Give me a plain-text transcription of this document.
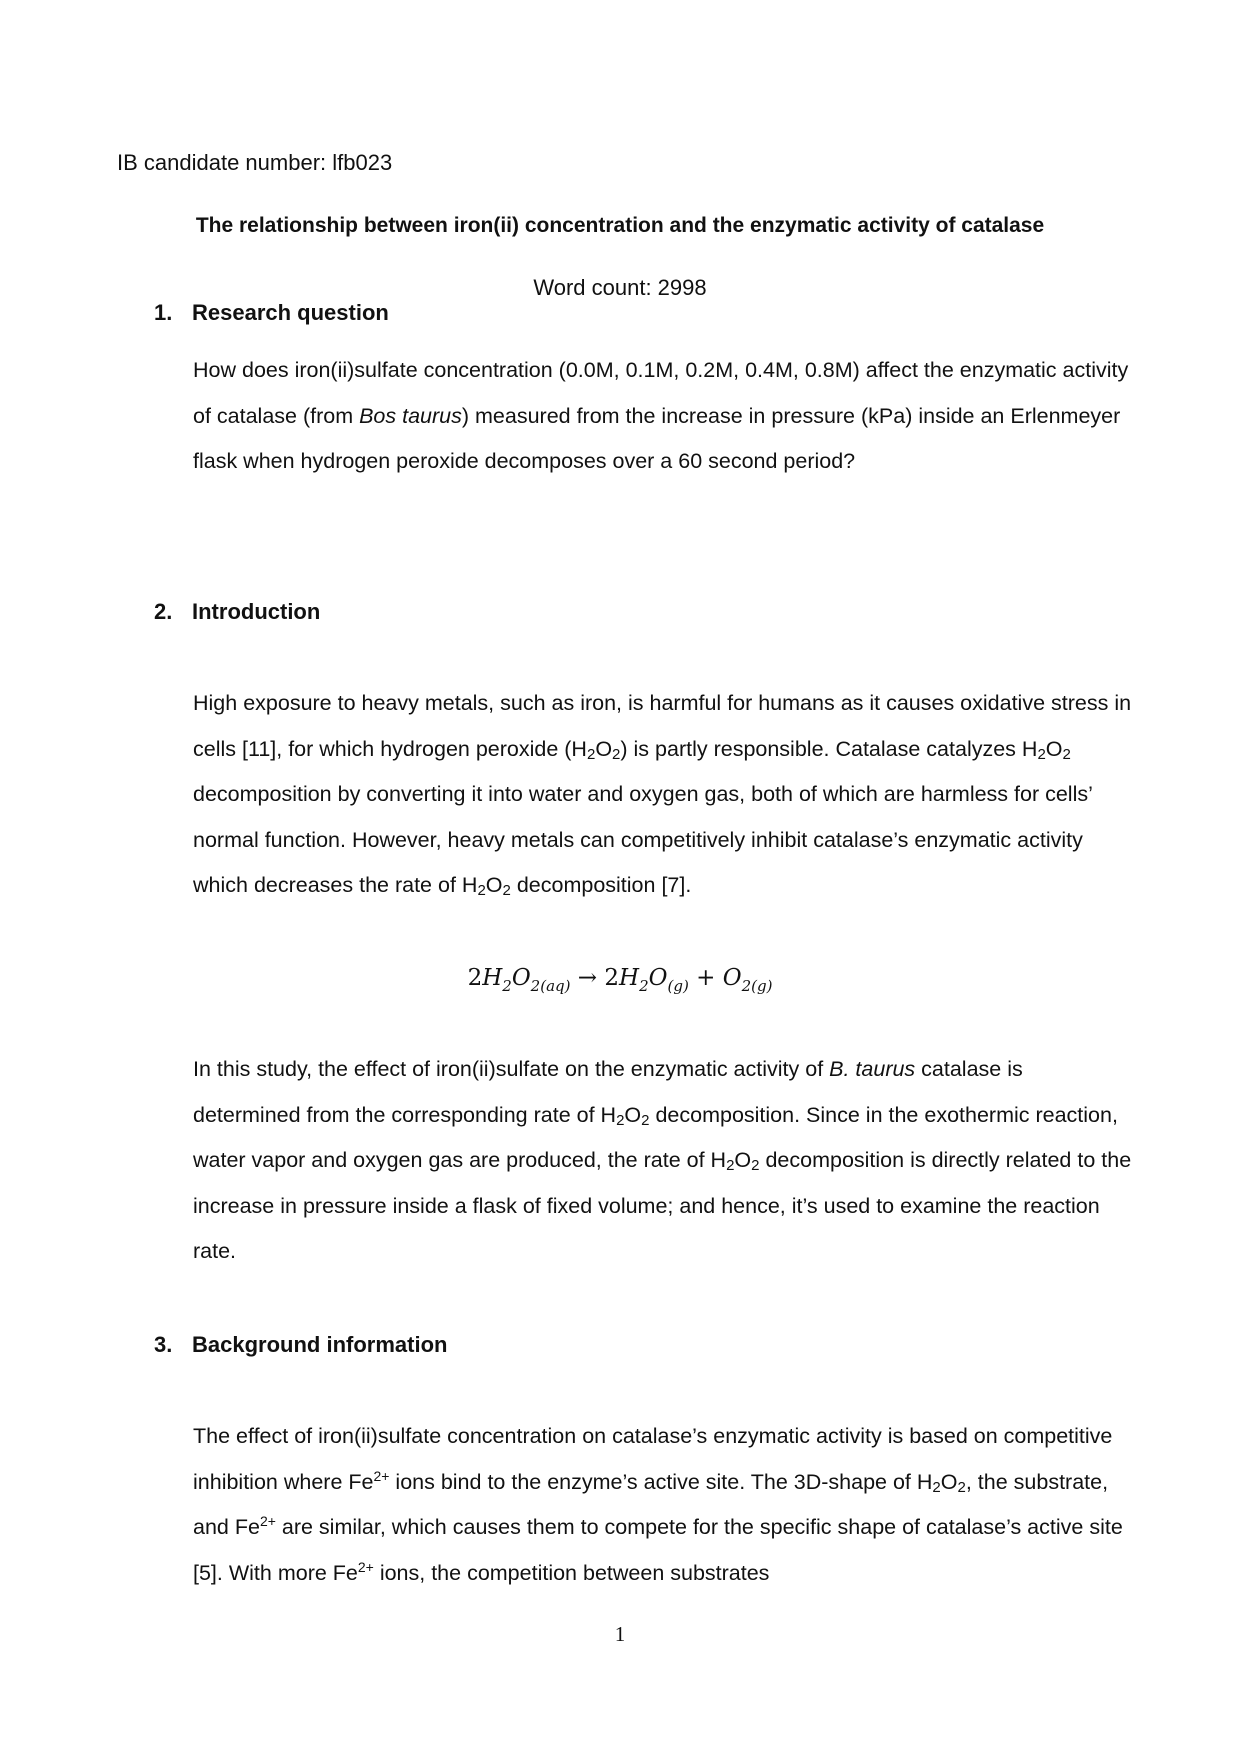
IB candidate number: lfb023
The relationship between iron(ii) concentration and the enzymatic activity of catalase
Word count: 2998
1. Research question

How does iron(ii)sulfate concentration (0.0M, 0.1M, 0.2M, 0.4M, 0.8M) affect the enzymatic activity of catalase (from Bos taurus) measured from the increase in pressure (kPa) inside an Erlenmeyer flask when hydrogen peroxide decomposes over a 60 second period?

2. Introduction

High exposure to heavy metals, such as iron, is harmful for humans as it causes oxidative stress in cells [11], for which hydrogen peroxide $(H_2O_2)$ is partly responsible. Catalase catalyzes $H_2O_2$ decomposition by converting it into water and oxygen gas, both of which are harmless for cells’ normal function. However, heavy metals can competitively inhibit catalase’s enzymatic activity which decreases the rate of $H_2O_2$ decomposition [7].

$2H_2O_{2(aq)} \to 2H_2O_{(g)} + O_{2(g)}$

In this study, the effect of iron(ii)sulfate on the enzymatic activity of B. taurus catalase is determined from the corresponding rate of $H_2O_2$ decomposition. Since in the exothermic reaction, water vapor and oxygen gas are produced, the rate of $H_2O_2$ decomposition is directly related to the increase in pressure inside a flask of fixed volume; and hence, it’s used to examine the reaction rate.

3. Background information

The effect of iron(ii)sulfate concentration on catalase’s enzymatic activity is based on competitive inhibition where $Fe^{2+}$ ions bind to the enzyme’s active site. The 3D-shape of $H_2O_2$, the substrate, and $Fe^{2+}$ are similar, which causes them to compete for the specific shape of catalase’s active site [5]. With more $Fe^{2+}$ ions, the competition between substrates

1
